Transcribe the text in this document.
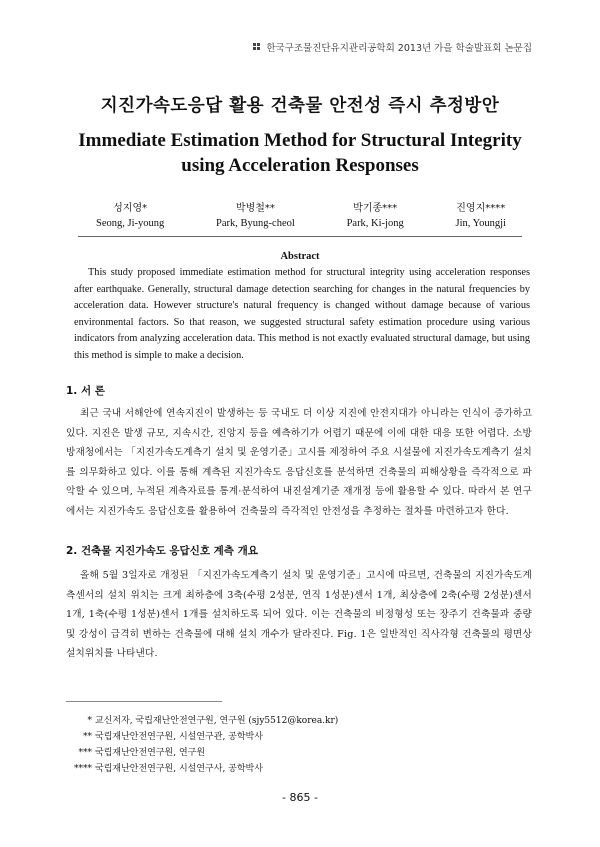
한국구조물진단유지관리공학회 2013년 가을 학술발표회 논문집
지진가속도응답 활용 건축물 안전성 즉시 추정방안
Immediate Estimation Method for Structural Integrity
using Acceleration Responses
성지영*
Seong, Ji-young
박병철**
Park, Byung-cheol
박기종***
Park, Ki-jong
진영지****
Jin, Youngji
Abstract

This study proposed immediate estimation method for structural integrity using acceleration responses after earthquake. Generally, structural damage detection searching for changes in the natural frequencies by acceleration data. However structure's natural frequency is changed without damage because of various environmental factors. So that reason, we suggested structural safety estimation procedure using various indicators from analyzing acceleration data. This method is not exactly evaluated structural damage, but using this method is simple to make a decision.

1. 서 론

최근 국내 서해안에 연속지진이 발생하는 등 국내도 더 이상 지진에 안전지대가 아니라는 인식이 증가하고 있다. 지진은 발생 규모, 지속시간, 진앙지 등을 예측하기가 어렵기 때문에 이에 대한 대응 또한 어렵다. 소방방재청에서는 「지진가속도계측기 설치 및 운영기준」고시를 제정하여 주요 시설물에 지진가속도계측기 설치를 의무화하고 있다. 이를 통해 계측된 지진가속도 응답신호를 분석하면 건축물의 피해상황을 즉각적으로 파악할 수 있으며, 누적된 계측자료를 통계·분석하여 내진설계기준 재개정 등에 활용할 수 있다. 따라서 본 연구에서는 지진가속도 응답신호를 활용하여 건축물의 즉각적인 안전성을 추정하는 절차를 마련하고자 한다.

2. 건축물 지진가속도 응답신호 계측 개요

올해 5월 3일자로 개정된 「지진가속도계측기 설치 및 운영기준」고시에 따르면, 건축물의 지진가속도계측센서의 설치 위치는 크게 최하층에 3축(수평 2성분, 연직 1성분)센서 1개, 최상층에 2축(수평 2성분)센서 1개, 1축(수평 1성분)센서 1개를 설치하도록 되어 있다. 이는 건축물의 비정형성 또는 장주기 건축물과 중량 및 강성이 급격히 변하는 건축물에 대해 설치 개수가 달라진다. Fig. 1은 일반적인 직사각형 건축물의 평면상 설치위치를 나타낸다.

* 교신저자, 국립재난안전연구원, 연구원 (sjy5512@korea.kr)
** 국립재난안전연구원, 시설연구관, 공학박사
*** 국립재난안전연구원, 연구원
**** 국립재난안전연구원, 시설연구사, 공학박사
- 865 -
